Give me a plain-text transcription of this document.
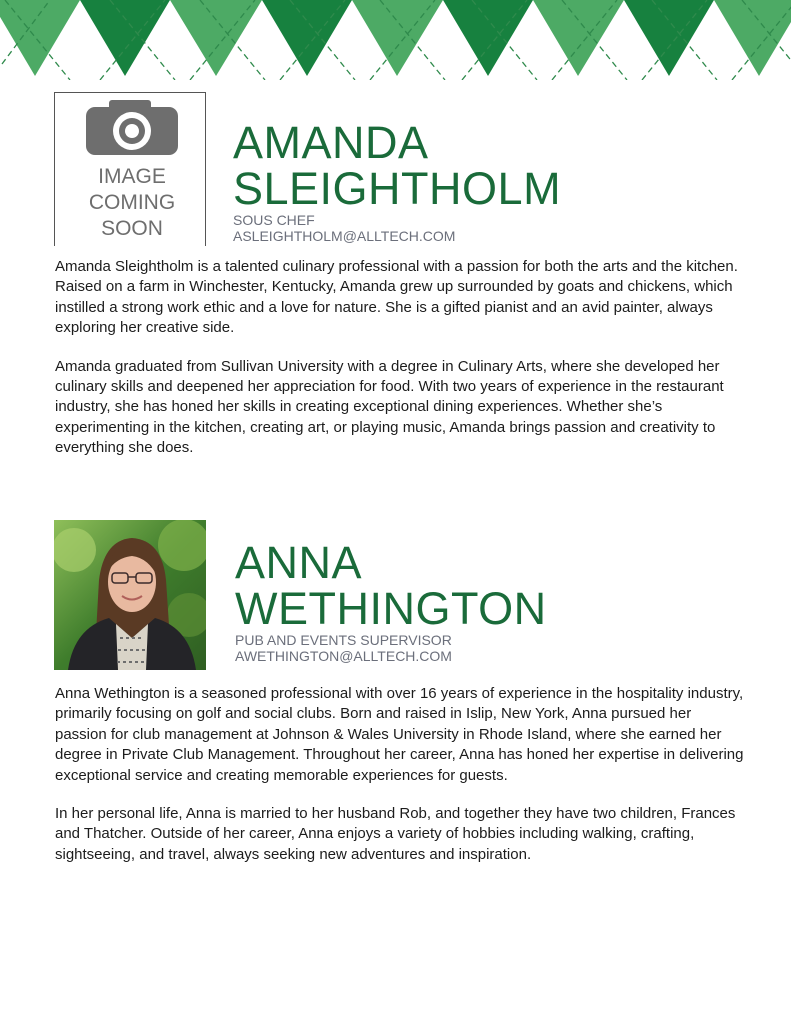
IMAGE
COMING
SOON
AMANDA
SLEIGHTHOLM
SOUS CHEF
ASLEIGHTHOLM@ALLTECH.COM

Amanda Sleightholm is a talented culinary professional with a passion for both the arts and the kitchen. Raised on a farm in Winchester, Kentucky, Amanda grew up surrounded by goats and chickens, which instilled a strong work ethic and a love for nature. She is a gifted pianist and an avid painter, always exploring her creative side.

Amanda graduated from Sullivan University with a degree in Culinary Arts, where she developed her culinary skills and deepened her appreciation for food. With two years of experience in the restaurant industry, she has honed her skills in creating exceptional dining experiences. Whether she’s experimenting in the kitchen, creating art, or playing music, Amanda brings passion and creativity to everything she does.

ANNA
WETHINGTON
PUB AND EVENTS SUPERVISOR
AWETHINGTON@ALLTECH.COM

Anna Wethington is a seasoned professional with over 16 years of experience in the hospitality industry, primarily focusing on golf and social clubs. Born and raised in Islip, New York, Anna pursued her passion for club management at Johnson & Wales University in Rhode Island, where she earned her degree in Private Club Management. Throughout her career, Anna has honed her expertise in delivering exceptional service and creating memorable experiences for guests.

In her personal life, Anna is married to her husband Rob, and together they have two children, Frances and Thatcher. Outside of her career, Anna enjoys a variety of hobbies including walking, crafting, sightseeing, and travel, always seeking new adventures and inspiration.
